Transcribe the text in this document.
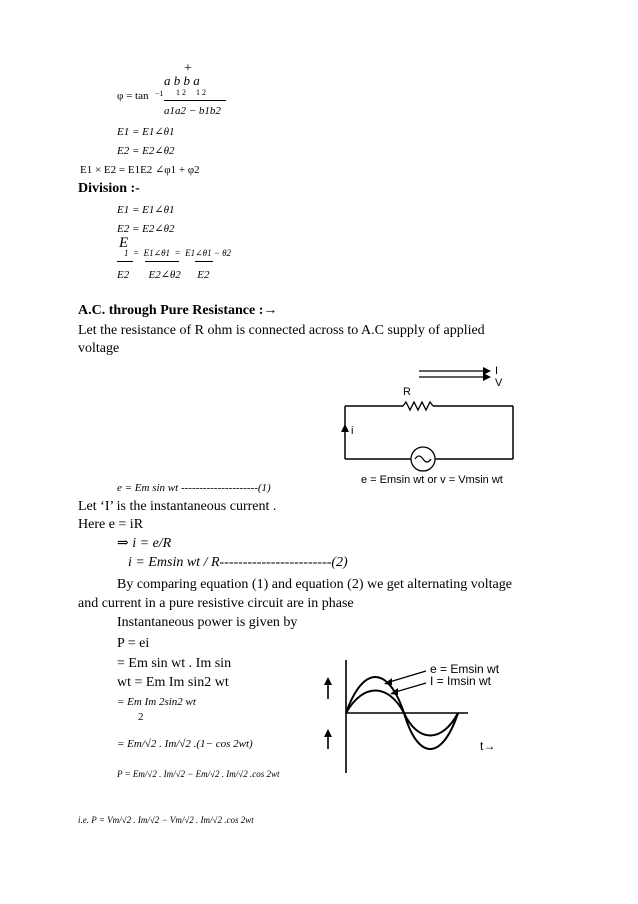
+
a b b a
1 2     1 2
φ = tan −1
a1a2 − b1b2
E1 = E1∠θ1
E2 = E2∠θ2
E1 × E2 = E1E2 ∠φ1 + φ2
Division :-
E1 = E1∠θ1
E2 = E2∠θ2
E
1  =  E1∠θ1  =  E1∠θ1 − θ2
E2       E2∠θ2      E2
A.C. through Pure Resistance :→
Let the resistance of R ohm is connected across to A.C supply of applied
voltage
I
V
R
i
e = Emsin wt or v = Vmsin wt
e = Em sin wt ---------------------(1)
Let ‘I’ is the instantaneous current .
Here e = iR
⇒ i = e/R
i = Emsin wt / R------------------------(2)
By comparing equation (1) and equation (2) we get alternating voltage
and current in a pure resistive circuit are in phase
Instantaneous power is given by
P = ei
= Em sin wt . Im sin
wt = Em Im sin2 wt
= Em Im 2sin2 wt
2
= Em/√2 . Im/√2 .(1− cos 2wt)
P = Em/√2 . Im/√2 − Em/√2 . Im/√2 .cos 2wt
i.e. P = Vm/√2 . Im/√2 − Vm/√2 . Im/√2 .cos 2wt
e = Emsin wt
I = Imsin wt
t→
